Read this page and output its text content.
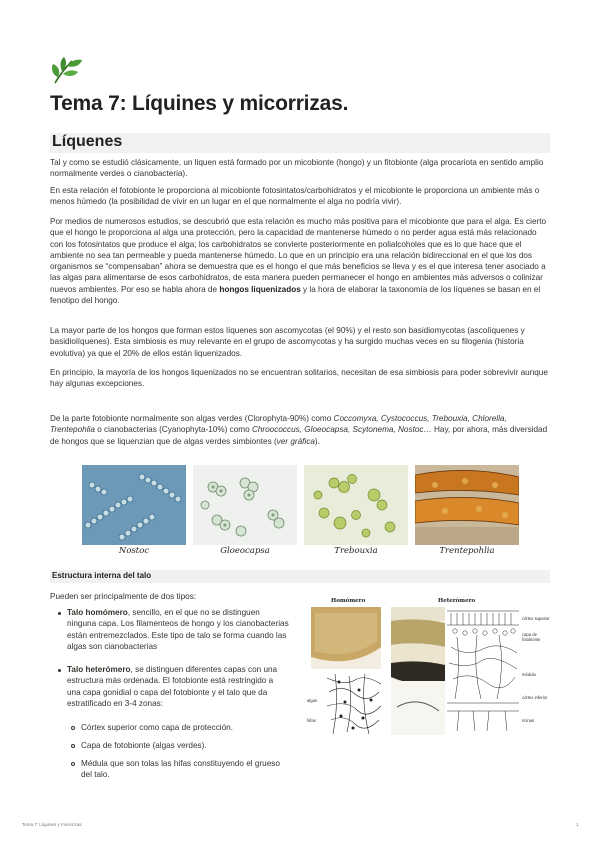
Tema 7: Líquines y micorrizas.
Líquenes

Tal y como se estudió clásicamente, un liquen está formado por un micobionte (hongo) y un fitobionte (alga procariota en sentido amplio normalmente verdes o cianobacteria).

En esta relación el fotobionte le proporciona al micobionte fotosintatos/carbohidratos y el micobionte le proporciona un ambiente más o menos húmedo (la posibilidad de vivir en un lugar en el que normalmente el alga no podría vivir).

Por medios de numerosos estudios, se descubrió que esta relación es mucho más positiva para el micobionte que para el alga. Es cierto que el hongo le proporciona al alga una protección, pero la capacidad de mantenerse húmedo o no perder agua está más relacionado con los fotosintatos que produce el alga; los carbohidratos se convierte posteriormente en polialcoholes que es lo que hace que el ambiente no sea tan permeable y pueda mantenerse húmedo. Lo que en un principio era una relación bidireccional en el que los dos organismos se “compensaban” ahora se demuestra que es el hongo el que más beneficios se lleva y es el que interesa tener asociado a las algas para alimentarse de esos carbohidratos, de esta manera pueden permanecer el hongo en ambientes más adversos o colinizar nuevos ambientes. Por eso se habla ahora de hongos liquenizados y la hora de elaborar la taxonomía de los líquenes se basan en el fenotipo del hongo.

La mayor parte de los hongos que forman estos líquenes son ascomycotas (el 90%) y el resto son basidiomycotas (ascolíquenes y basidiolíquenes). Esta simbiosis es muy relevante en el grupo de ascomycotas y ha surgido muchas veces en su filogenia (historia evolutiva) ya que el 20% de ellos están liquenizados.

En principio, la mayoría de los hongos liquenizados no se encuentran solitarios, necesitan de esa simbiosis para poder sobrevivir aunque hay algunas excepciones.

De la parte fotobionte normalmente son algas verdes (Clorophyta-90%) como Coccomyxa, Cystococcus, Trebouxia, Chlorella, Trentepohlia o cianobacterias (Cyanophyta-10%) como Chroococcus, Gloeocapsa, Scytonema, Nostoc… Hay, por ahora, más diversidad de hongos que se liquenzian que de algas verdes simbiontes (ver gráfica).

Nostoc	Gloeocapsa	Trebouxia	Trentepohlia
Estructura interna del talo

Pueden ser principalmente de dos tipos:

Talo homómero, sencillo, en el que no se distinguen ninguna capa. Los filamenteos de hongo y los cianobacterias están entremezclados. Este tipo de talo se forma cuando las algas son cianobacterias

Talo heterómero, se distinguen diferentes capas con una estructura más ordenada. El fotobionte está restringido a una capa gonidial o capa del fotobionte y el talo que da estratificado en 3-4 zonas:

Córtex superior como capa de protección.

Capa de fotobionte (algas verdes).

Médula que son tolas las hifas constituyendo el grueso del talo.

Homómero	Heterómero
algas
hifas
córtex superior
capa de fotobionte
médula
córtex inferior
ricinas
Tema 7: Líquines y micorrizas.	1
